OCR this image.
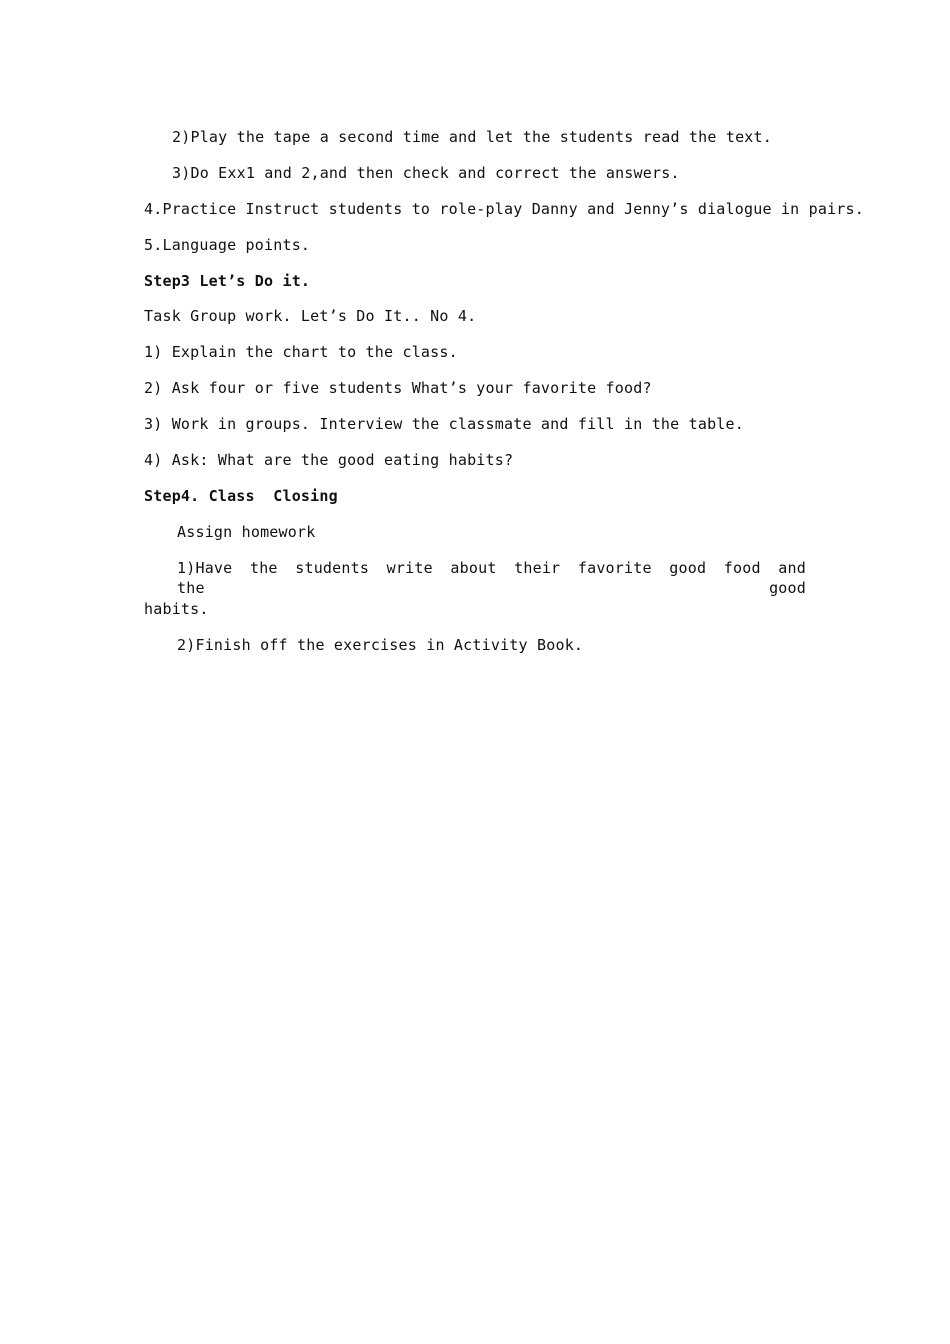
2)Play the tape a second time and let the students read the text.
3)Do Exx1 and 2,and then check and correct the answers.
4.Practice Instruct students to role-play Danny and Jenny’s dialogue in pairs.
5.Language points.
Step3 Let’s Do it.
Task Group work. Let’s Do It.. No 4.
1) Explain the chart to the class.
2) Ask four or five students What’s your favorite food?
3) Work in groups. Interview the classmate and fill in the table.
4) Ask: What are the good eating habits?
Step4. Class  Closing
Assign homework
1)Have the students write about their favorite good food and the good
habits.
2)Finish off the exercises in Activity Book.
